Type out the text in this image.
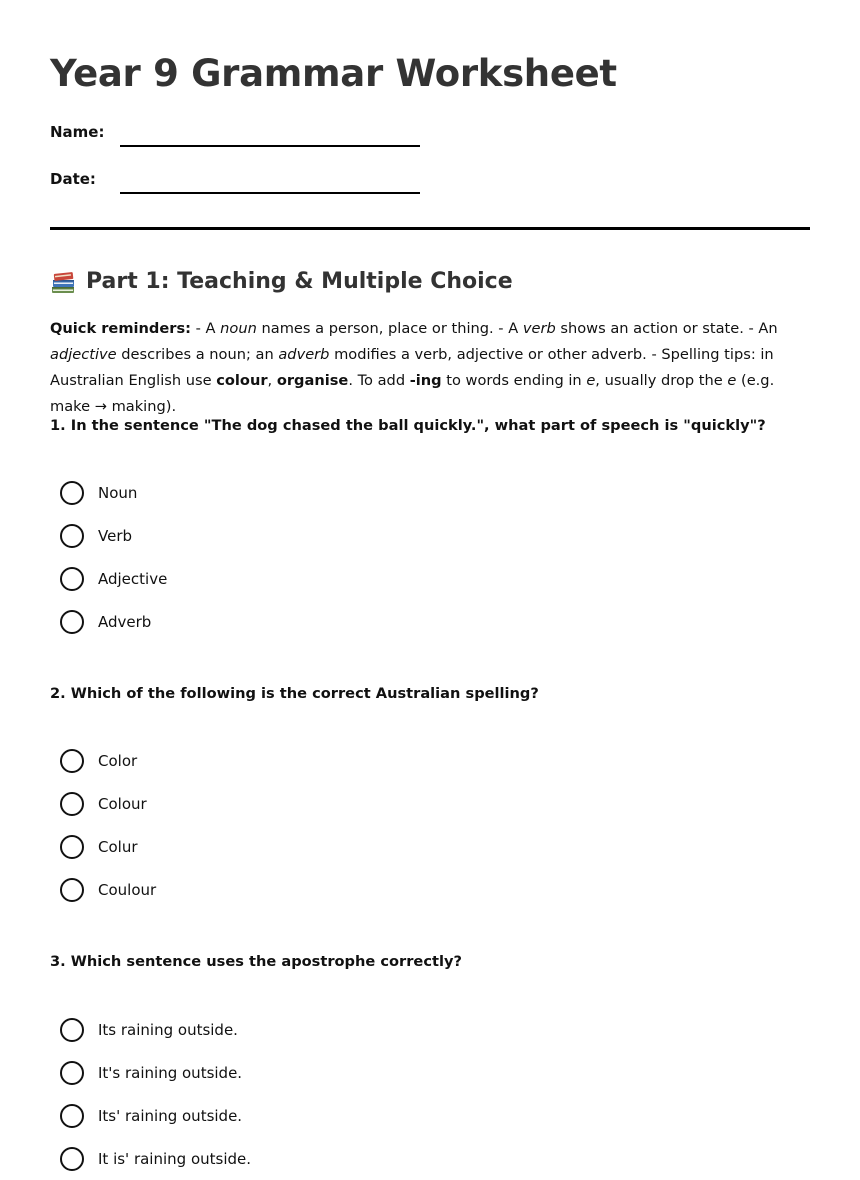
Year 9 Grammar Worksheet
Name:
Date:
Part 1: Teaching & Multiple Choice

Quick reminders: - A noun names a person, place or thing. - A verb shows an action or state. - An adjective describes a noun; an adverb modifies a verb, adjective or other adverb. - Spelling tips: in Australian English use colour, organise. To add -ing to words ending in e, usually drop the e (e.g. make → making).

1. In the sentence "The dog chased the ball quickly.", what part of speech is "quickly"?
Noun
Verb
Adjective
Adverb
2. Which of the following is the correct Australian spelling?
Color
Colour
Colur
Coulour
3. Which sentence uses the apostrophe correctly?
Its raining outside.
It's raining outside.
Its' raining outside.
It is' raining outside.
